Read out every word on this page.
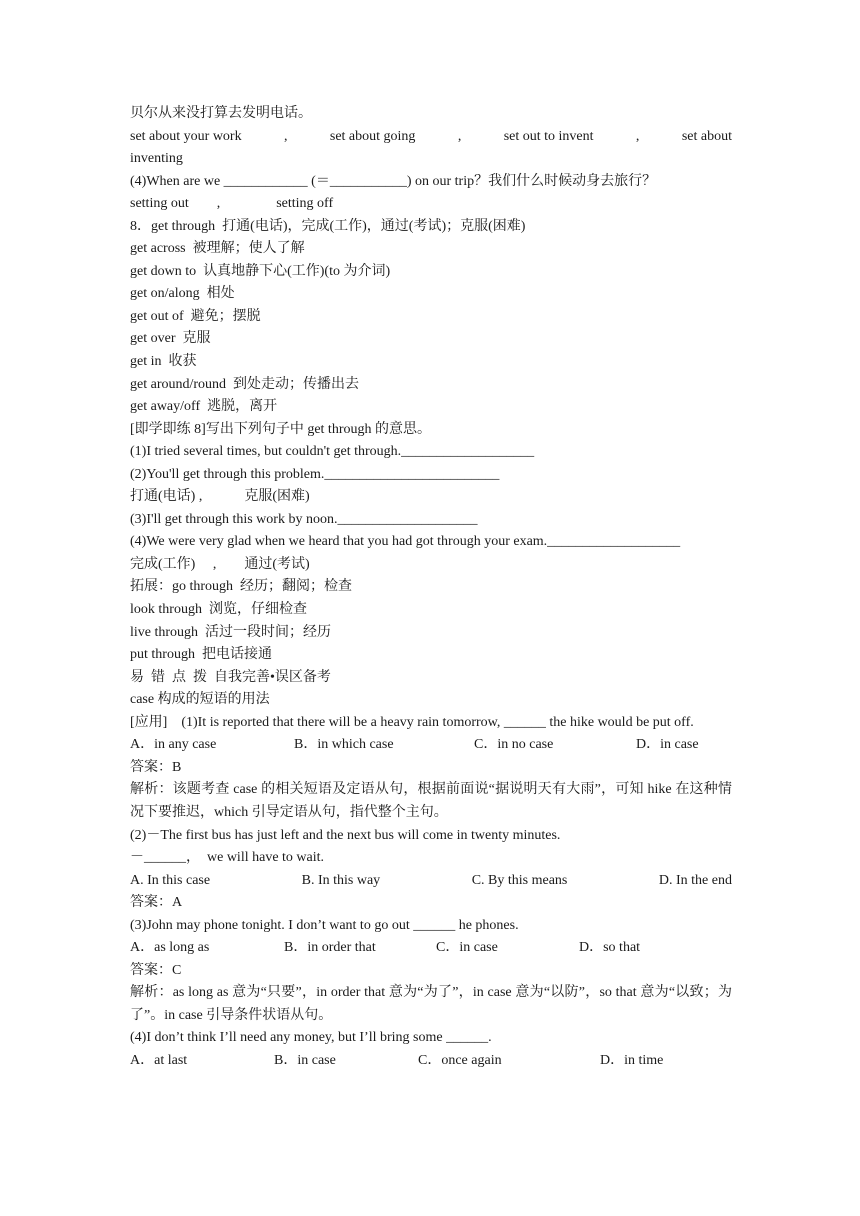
贝尔从来没打算去发明电话。
set about your work	,	set about going	,	set out to invent	,	set about
inventing
(4)When are we ____________ (＝___________) on our trip？我们什么时候动身去旅行？
setting out　　,　　　　setting off
8．get through  打通(电话)，完成(工作)，通过(考试)；克服(困难)
get across  被理解；使人了解
get down to  认真地静下心(工作)(to 为介词)
get on/along  相处
get out of  避免；摆脱
get over  克服
get in  收获
get around/round  到处走动；传播出去
get away/off  逃脱，离开
[即学即练 8]写出下列句子中 get through 的意思。
(1)I tried several times, but couldn't get through.___________________
(2)You'll get through this problem._________________________
打通(电话) ,　　　克服(困难)
(3)I'll get through this work by noon.____________________
(4)We were very glad when we heard that you had got through your exam.___________________
完成(工作)　 ,　　通过(考试)
拓展：go through  经历；翻阅；检查
look through  浏览，仔细检查
live through  活过一段时间；经历
put through  把电话接通
易  错  点  拨  自我完善•误区备考
case 构成的短语的用法
[应用]　(1)It is reported that there will be a heavy rain tomorrow, ______ the hike would be put off.
A．in any case	B．in which case	C．in no case	D．in case
答案：B
解析：该题考查 case 的相关短语及定语从句，根据前面说“据说明天有大雨”，可知 hike 在这种情况下要推迟，which 引导定语从句，指代整个主句。
(2)－The first bus has just left and the next bus will come in twenty minutes.
－______，  we will have to wait.
A. In this case	B. In this way	C. By this means	D. In the end
答案：A
(3)John may phone tonight. I don’t want to go out ______ he phones.
A．as long as	B．in order that	C．in case	D．so that
答案：C
解析：as long as 意为“只要”，in order that 意为“为了”，in case 意为“以防”，so that 意为“以致；为了”。in case 引导条件状语从句。
(4)I don’t think I’ll need any money, but I’ll bring some ______.
A．at last	B．in case	C．once again	D．in time
